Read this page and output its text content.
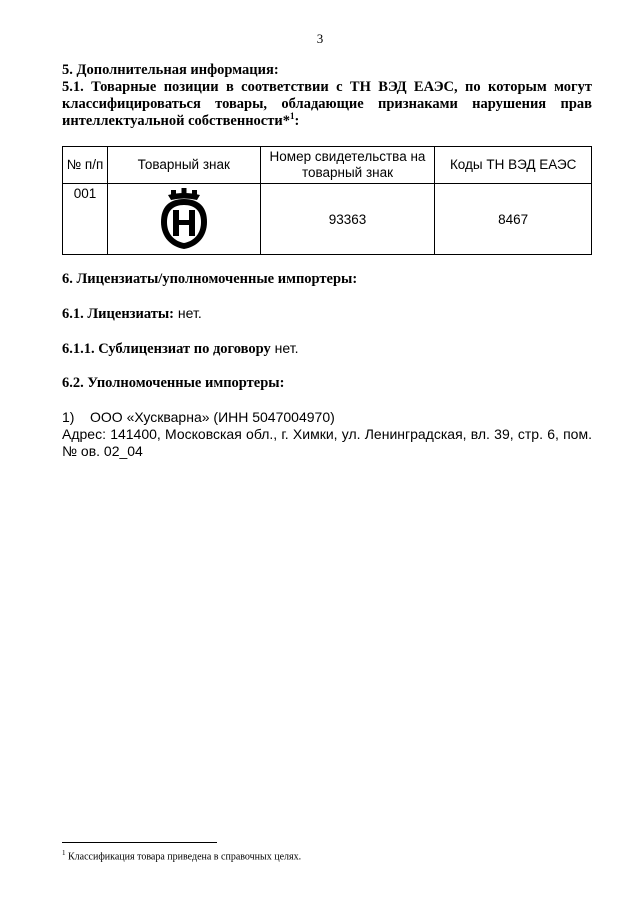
3

5. Дополнительная информация:

5.1. Товарные позиции в соответствии с ТН ВЭД ЕАЭС, по которым могут классифицироваться товары, обладающие признаками нарушения прав интеллектуальной собственности*$^1$:

№ п/п	Товарный знак	Номер свидетельства на товарный знак	Коды ТН ВЭД ЕАЭС
001		93363	8467

6. Лицензиаты/уполномоченные импортеры:

6.1. Лицензиаты: нет.

6.1.1. Сублицензиат по договору нет.

6.2. Уполномоченные импортеры:

1) ООО «Хускварна» (ИНН 5047004970)

Адрес: 141400, Московская обл., г. Химки, ул. Ленинградская, вл. 39, стр. 6, пом. № ов. 02_04

$^1$ Классификация товара приведена в справочных целях.
